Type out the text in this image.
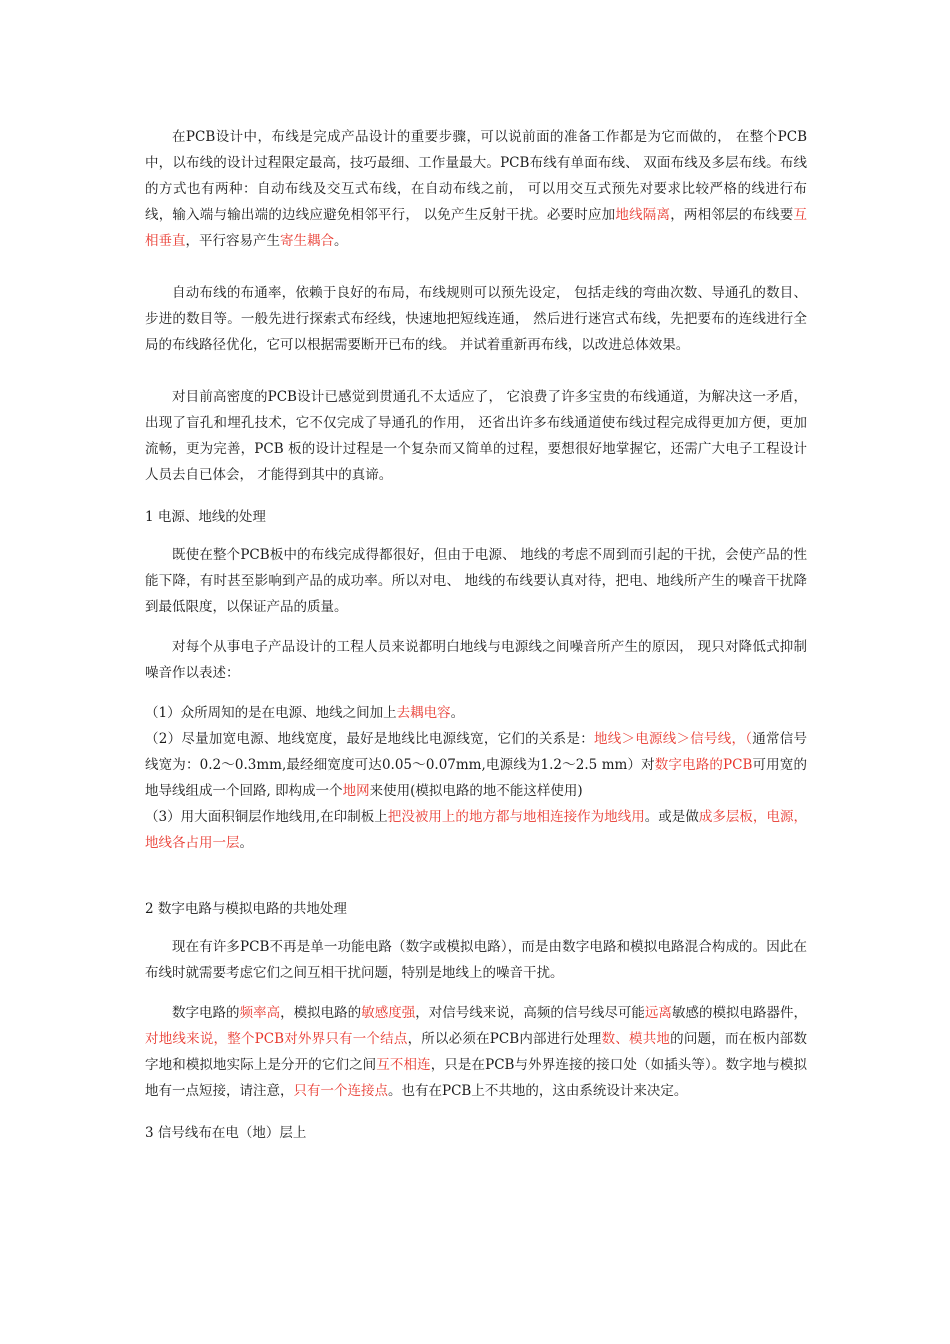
在PCB设计中，布线是完成产品设计的重要步骤，可以说前面的准备工作都是为它而做的， 在整个PCB中，以布线的设计过程限定最高，技巧最细、工作量最大。PCB布线有单面布线、 双面布线及多层布线。布线的方式也有两种：自动布线及交互式布线，在自动布线之前， 可以用交互式预先对要求比较严格的线进行布线，输入端与输出端的边线应避免相邻平行， 以免产生反射干扰。必要时应加地线隔离，两相邻层的布线要互相垂直，平行容易产生寄生耦合。

自动布线的布通率，依赖于良好的布局，布线规则可以预先设定， 包括走线的弯曲次数、导通孔的数目、步进的数目等。一般先进行探索式布经线，快速地把短线连通， 然后进行迷宫式布线，先把要布的连线进行全局的布线路径优化，它可以根据需要断开已布的线。 并试着重新再布线，以改进总体效果。

对目前高密度的PCB设计已感觉到贯通孔不太适应了， 它浪费了许多宝贵的布线通道，为解决这一矛盾，出现了盲孔和埋孔技术，它不仅完成了导通孔的作用， 还省出许多布线通道使布线过程完成得更加方便，更加流畅，更为完善，PCB 板的设计过程是一个复杂而又简单的过程，要想很好地掌握它，还需广大电子工程设计人员去自已体会， 才能得到其中的真谛。

1 电源、地线的处理

既使在整个PCB板中的布线完成得都很好，但由于电源、 地线的考虑不周到而引起的干扰，会使产品的性能下降，有时甚至影响到产品的成功率。所以对电、 地线的布线要认真对待，把电、地线所产生的噪音干扰降到最低限度，以保证产品的质量。

对每个从事电子产品设计的工程人员来说都明白地线与电源线之间噪音所产生的原因， 现只对降低式抑制噪音作以表述：

（1）众所周知的是在电源、地线之间加上去耦电容。

（2）尽量加宽电源、地线宽度，最好是地线比电源线宽，它们的关系是：地线＞电源线＞信号线，（通常信号线宽为：0.2～0.3mm,最经细宽度可达0.05～0.07mm,电源线为1.2～2.5 mm）对数字电路的PCB可用宽的地导线组成一个回路, 即构成一个地网来使用(模拟电路的地不能这样使用)

（3）用大面积铜层作地线用,在印制板上把没被用上的地方都与地相连接作为地线用。或是做成多层板，电源，地线各占用一层。

2 数字电路与模拟电路的共地处理

现在有许多PCB不再是单一功能电路（数字或模拟电路），而是由数字电路和模拟电路混合构成的。因此在布线时就需要考虑它们之间互相干扰问题，特别是地线上的噪音干扰。

数字电路的频率高，模拟电路的敏感度强，对信号线来说，高频的信号线尽可能远离敏感的模拟电路器件，对地线来说，整个PCB对外界只有一个结点，所以必须在PCB内部进行处理数、模共地的问题，而在板内部数字地和模拟地实际上是分开的它们之间互不相连，只是在PCB与外界连接的接口处（如插头等）。数字地与模拟地有一点短接，请注意，只有一个连接点。也有在PCB上不共地的，这由系统设计来决定。

3 信号线布在电（地）层上
